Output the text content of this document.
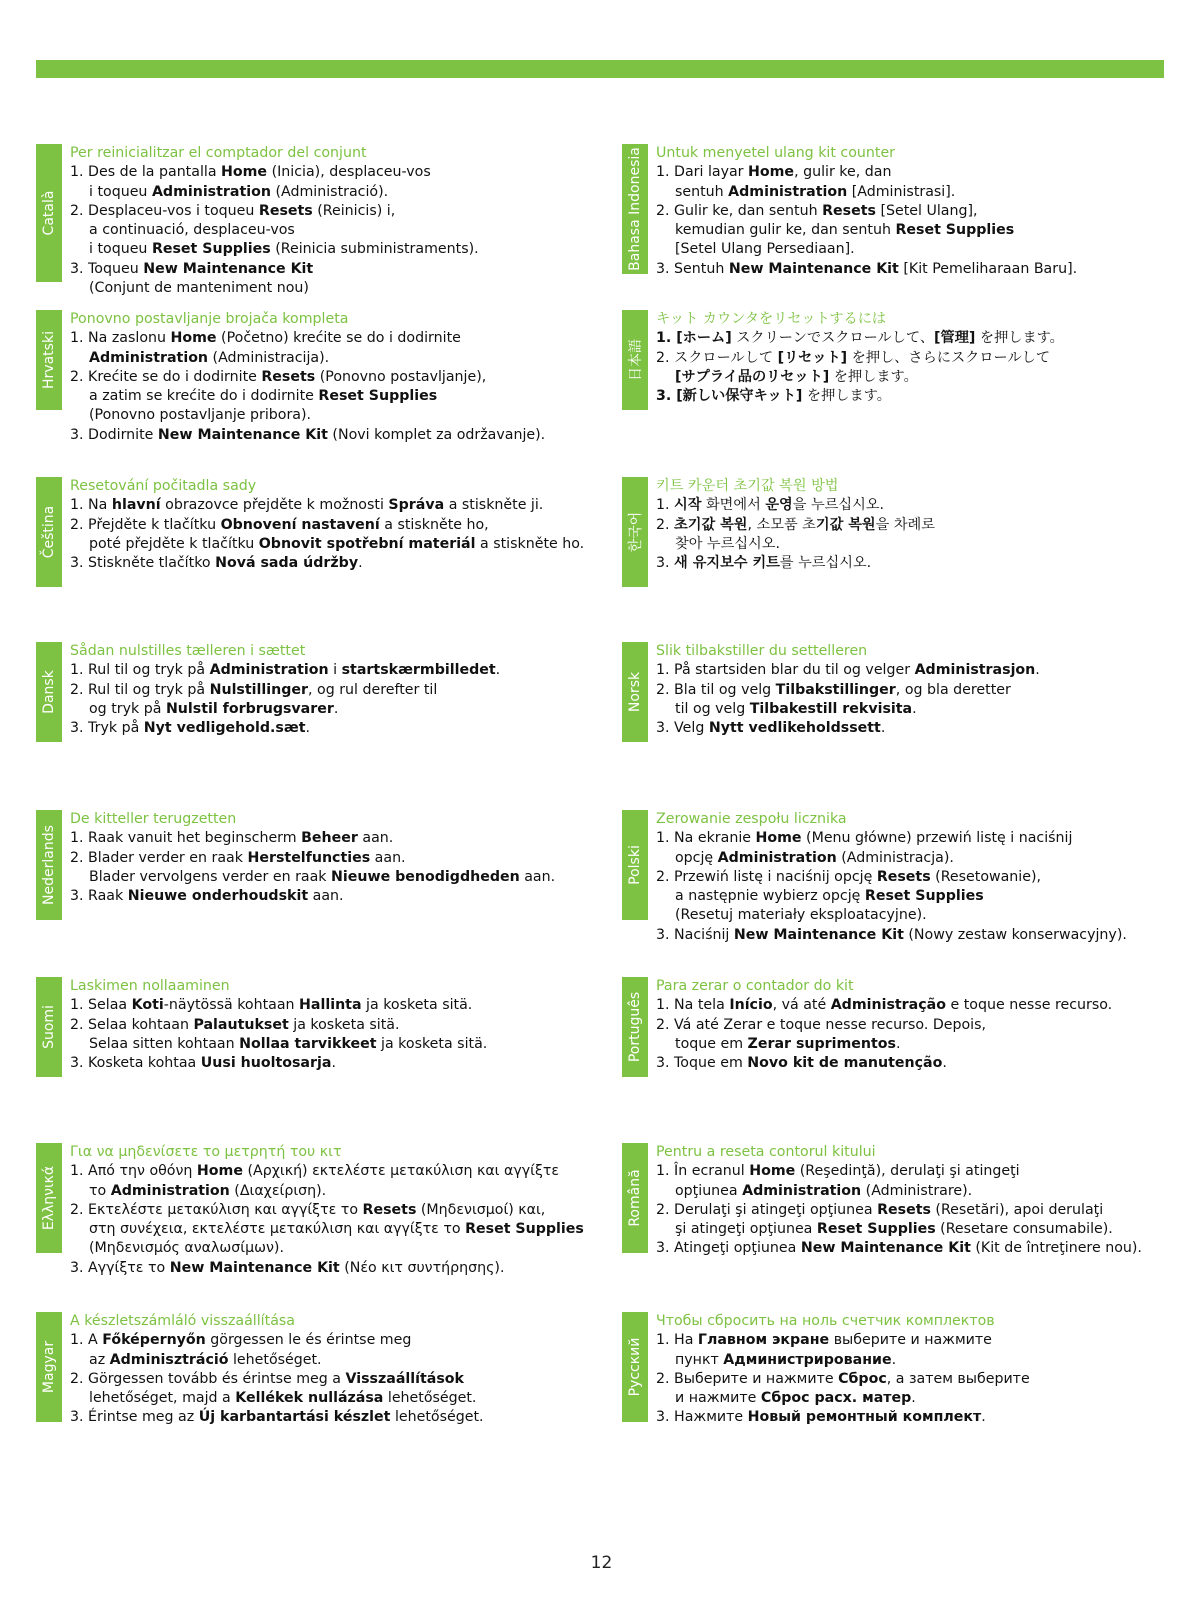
Català
Per reinicialitzar el comptador del conjunt
1. Des de la pantalla Home (Inicia), desplaceu-vos
i toqueu Administration (Administració).
2. Desplaceu-vos i toqueu Resets (Reinicis) i,
a continuació, desplaceu-vos
i toqueu Reset Supplies (Reinicia subministraments).
3. Toqueu New Maintenance Kit
(Conjunt de manteniment nou)
Bahasa Indonesia Untuk menyetel ulang kit counter
1. Dari layar Home, gulir ke, dan
sentuh Administration [Administrasi].
2. Gulir ke, dan sentuh Resets [Setel Ulang],
kemudian gulir ke, dan sentuh Reset Supplies
[Setel Ulang Persediaan].
3. Sentuh New Maintenance Kit [Kit Pemeliharaan Baru].
Hrvatski
Ponovno postavljanje brojača kompleta
1. Na zaslonu Home (Početno) krećite se do i dodirnite
Administration (Administracija).
2. Krećite se do i dodirnite Resets (Ponovno postavljanje),
a zatim se krećite do i dodirnite Reset Supplies
(Ponovno postavljanje pribora).
3. Dodirnite New Maintenance Kit (Novi komplet za održavanje).
日本語
キット カウンタをリセットするには
1. [ホーム] スクリーンでスクロールして、[管理] を押します。
2. スクロールして [リセット] を押し、さらにスクロールして
[サプライ品のリセット] を押します。
3. [新しい保守キット] を押します。
Čeština
Resetování počitadla sady
1. Na hlavní obrazovce přejděte k možnosti Správa a stiskněte ji.
2. Přejděte k tlačítku Obnovení nastavení a stiskněte ho,
poté přejděte k tlačítku Obnovit spotřební materiál a stiskněte ho.
3. Stiskněte tlačítko Nová sada údržby.
한국어
키트 카운터 초기값 복원 방법
1. 시작 화면에서 운영을 누르십시오.
2. 초기값 복원, 소모품 초기값 복원을 차례로
찾아 누르십시오.
3. 새 유지보수 키트를 누르십시오.
Dansk
Sådan nulstilles tælleren i sættet
1. Rul til og tryk på Administration i startskærmbilledet.
2. Rul til og tryk på Nulstillinger, og rul derefter til
og tryk på Nulstil forbrugsvarer.
3. Tryk på Nyt vedligehold.sæt.
Norsk
Slik tilbakstiller du settelleren
1. På startsiden blar du til og velger Administrasjon.
2. Bla til og velg Tilbakstillinger, og bla deretter
til og velg Tilbakestill rekvisita.
3. Velg Nytt vedlikeholdssett.
Nederlands
De kitteller terugzetten
1. Raak vanuit het beginscherm Beheer aan.
2. Blader verder en raak Herstelfuncties aan.
Blader vervolgens verder en raak Nieuwe benodigdheden aan.
3. Raak Nieuwe onderhoudskit aan.
Polski
Zerowanie zespołu licznika
1. Na ekranie Home (Menu główne) przewiń listę i naciśnij
opcję Administration (Administracja).
2. Przewiń listę i naciśnij opcję Resets (Resetowanie),
a następnie wybierz opcję Reset Supplies
(Resetuj materiały eksploatacyjne).
3. Naciśnij New Maintenance Kit (Nowy zestaw konserwacyjny).
Suomi
Laskimen nollaaminen
1. Selaa Koti-näytössä kohtaan Hallinta ja kosketa sitä.
2. Selaa kohtaan Palautukset ja kosketa sitä.
Selaa sitten kohtaan Nollaa tarvikkeet ja kosketa sitä.
3. Kosketa kohtaa Uusi huoltosarja.
Português
Para zerar o contador do kit
1. Na tela Início, vá até Administração e toque nesse recurso.
2. Vá até Zerar e toque nesse recurso. Depois,
toque em Zerar suprimentos.
3. Toque em Novo kit de manutenção.
Ελληνικά
Για να μηδενίσετε το μετρητή του κιτ
1. Από την οθόνη Home (Αρχική) εκτελέστε μετακύλιση και αγγίξτε
το Administration (Διαχείριση).
2. Εκτελέστε μετακύλιση και αγγίξτε το Resets (Μηδενισμοί) και,
στη συνέχεια, εκτελέστε μετακύλιση και αγγίξτε το Reset Supplies
(Μηδενισμός αναλωσίμων).
3. Αγγίξτε το New Maintenance Kit (Νέο κιτ συντήρησης).
Română
Pentru a reseta contorul kitului
1. În ecranul Home (Reşedinţă), derulaţi şi atingeţi
opţiunea Administration (Administrare).
2. Derulaţi şi atingeţi opţiunea Resets (Resetări), apoi derulaţi
şi atingeţi opţiunea Reset Supplies (Resetare consumabile).
3. Atingeţi opţiunea New Maintenance Kit (Kit de întreţinere nou).
Magyar
A készletszámláló visszaállítása
1. A Főképernyőn görgessen le és érintse meg
az Adminisztráció lehetőséget.
2. Görgessen tovább és érintse meg a Visszaállítások
lehetőséget, majd a Kellékek nullázása lehetőséget.
3. Érintse meg az Új karbantartási készlet lehetőséget.
Русский
Чтобы сбросить на ноль счетчик комплектов
1. На Главном экране выберите и нажмите
пункт Администрирование.
2. Выберите и нажмите Сброс, а затем выберите
и нажмите Сброс расх. матер.
3. Нажмите Новый ремонтный комплект.
12
